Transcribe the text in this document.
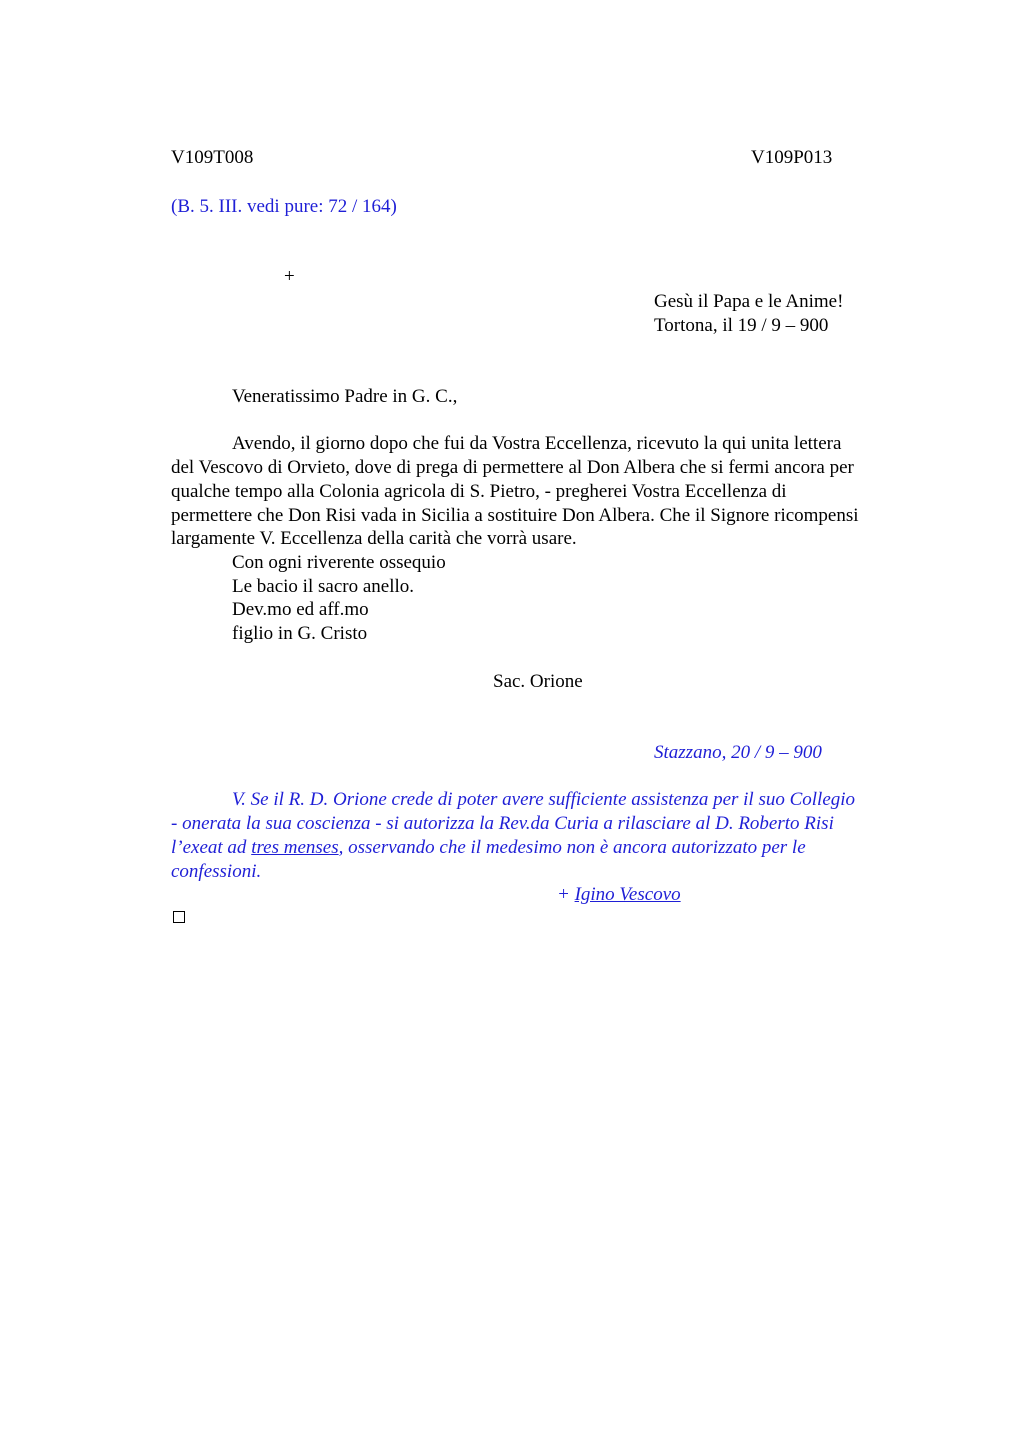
V109T008	V109P013
(B. 5. III. vedi pure: 72 / 164)
+
Gesù il Papa e le Anime!
Tortona, il 19 / 9 – 900
Veneratissimo Padre in G. C.,
Avendo, il giorno dopo che fui da Vostra Eccellenza, ricevuto la qui unita lettera
del Vescovo di Orvieto, dove di prega di permettere al Don Albera che si fermi ancora per
qualche tempo alla Colonia agricola di S. Pietro, - pregherei Vostra Eccellenza di
permettere che Don Risi vada in Sicilia a sostituire Don Albera. Che il Signore ricompensi
largamente V. Eccellenza della carità che vorrà usare.
Con ogni riverente ossequio
Le bacio il sacro anello.
Dev.mo ed aff.mo
figlio in G. Cristo
Sac. Orione
Stazzano, 20 / 9 – 900
V. Se il R. D. Orione crede di poter avere sufficiente assistenza per il suo Collegio
- onerata la sua coscienza - si autorizza la Rev.da Curia a rilasciare al D. Roberto Risi
l’exeat ad tres menses, osservando che il medesimo non è ancora autorizzato per le
confessioni.
+ Igino Vescovo
